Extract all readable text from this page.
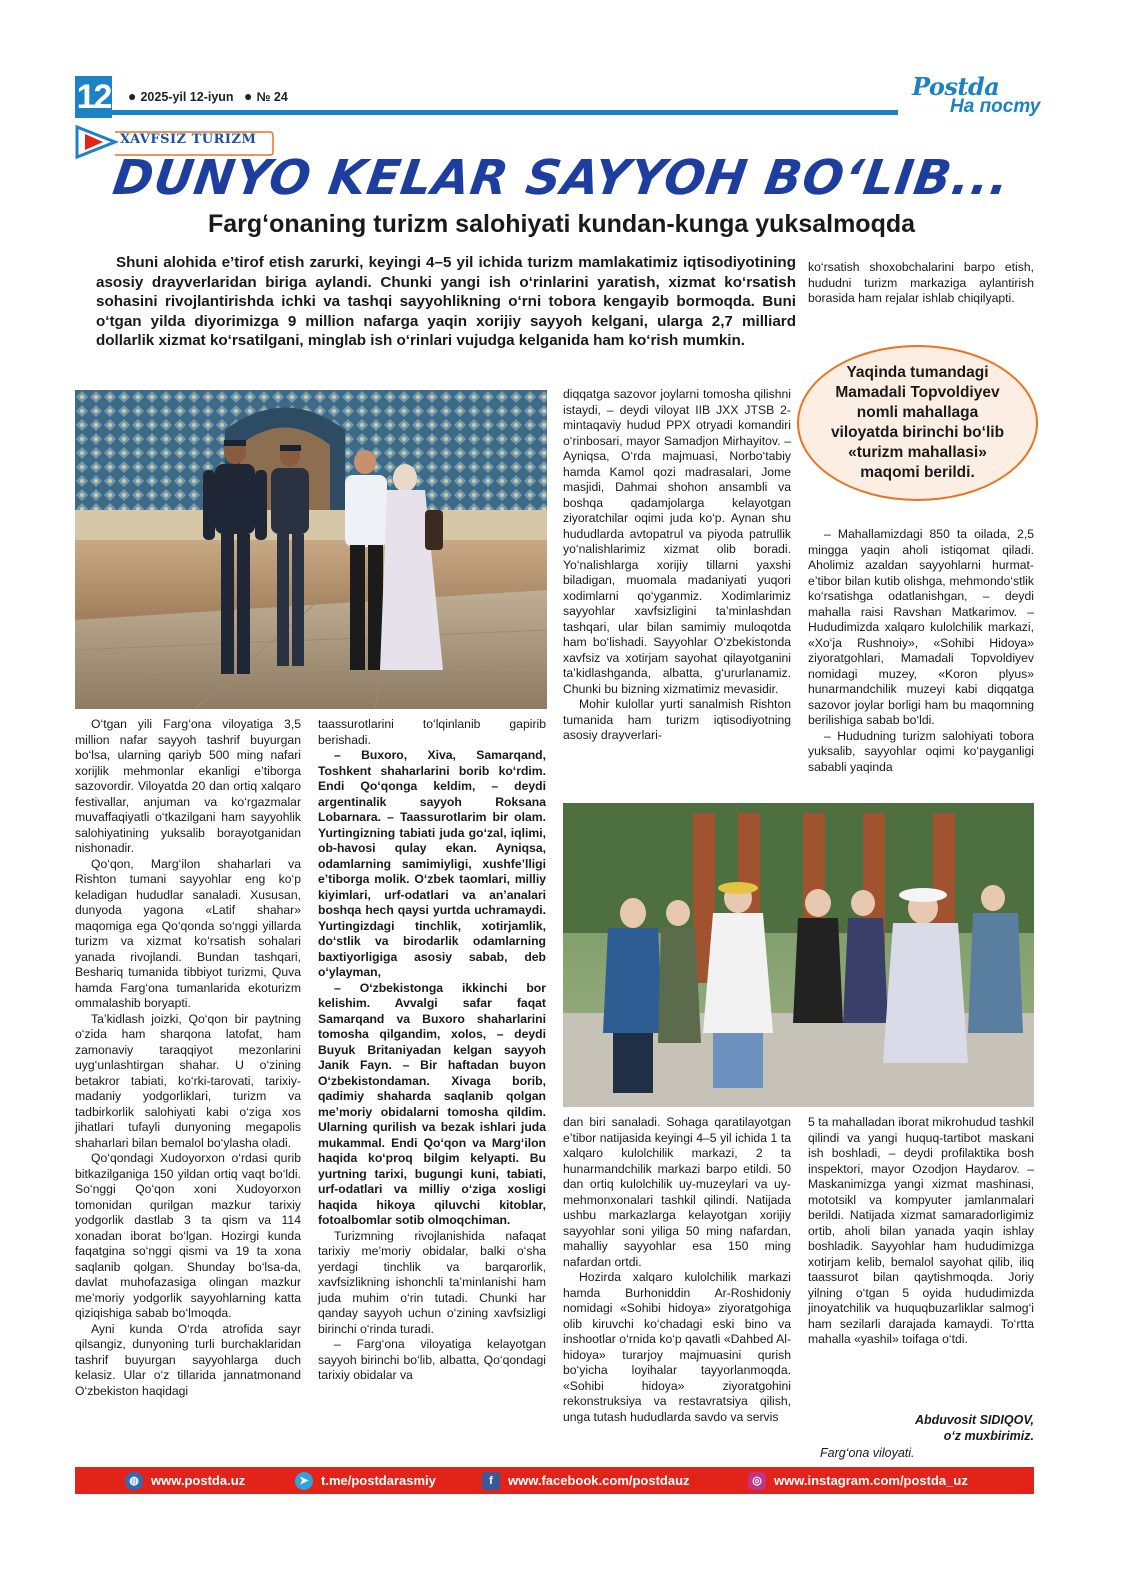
12 ● 2025-yil 12-iyun ● № 24	Postda
На посту
XAVFSIZ TURIZM
DUNYO KELAR SAYYOH BO‘LIB...
Farg‘onaning turizm salohiyati kundan-kunga yuksalmoqda
Shuni alohida e’tirof etish zarurki, keyingi 4–5 yil ichida turizm mamlakatimiz iqtisodiyotining asosiy drayverlaridan biriga aylandi. Chunki yangi ish o‘rinlarini yaratish, xizmat ko‘rsatish sohasini rivojlantirishda ichki va tashqi sayyohlikning o‘rni tobora kengayib bormoqda. Buni o‘tgan yilda diyorimizga 9 million nafarga yaqin xorijiy sayyoh kelgani, ularga 2,7 milliard dollarlik xizmat ko‘rsatilgani, minglab ish o‘rinlari vujudga kelganida ham ko‘rish mumkin.

ko‘rsatish shoxobchalarini barpo etish, hududni turizm markaziga aylantirish borasida ham rejalar ishlab chiqilyapti.

Yaqinda tumandagi Mamadali Topvoldiyev nomli mahallaga viloyatda birinchi bo‘lib «turizm mahallasi» maqomi berildi.

O‘tgan yili Farg‘ona viloyatiga 3,5 million nafar sayyoh tashrif buyurgan bo‘lsa, ularning qariyb 500 ming nafari xorijlik mehmonlar ekanligi e’tiborga sazovordir. Viloyatda 20 dan ortiq xalqaro festivallar, anjuman va ko‘rgazmalar muvaffaqiyatli o‘tkazilgani ham sayyohlik salohiyatining yuksalib borayotganidan nishonadir.

Qo‘qon, Marg‘ilon shaharlari va Rishton tumani sayyohlar eng ko‘p keladigan hududlar sanaladi. Xususan, dunyoda yagona «Latif shahar» maqomiga ega Qo‘qonda so‘nggi yillarda turizm va xizmat ko‘rsatish sohalari yanada rivojlandi. Bundan tashqari, Beshariq tumanida tibbiyot turizmi, Quva hamda Farg‘ona tumanlarida ekoturizm ommalashib boryapti.

Ta’kidlash joizki, Qo‘qon bir paytning o‘zida ham sharqona latofat, ham zamonaviy taraqqiyot mezonlarini uyg‘unlashtirgan shahar. U o‘zining betakror tabiati, ko‘rki-tarovati, tarixiy-madaniy yodgorliklari, turizm va tadbirkorlik salohiyati kabi o‘ziga xos jihatlari tufayli dunyoning megapolis shaharlari bilan bemalol bo‘ylasha oladi.

Qo‘qondagi Xudoyorxon o‘rdasi qurib bitkazilganiga 150 yildan ortiq vaqt bo‘ldi. So‘nggi Qo‘qon xoni Xudoyorxon tomonidan qurilgan mazkur tarixiy yodgorlik dastlab 3 ta qism va 114 xonadan iborat bo‘lgan. Hozirgi kunda faqatgina so‘nggi qismi va 19 ta xona saqlanib qolgan. Shunday bo‘lsa-da, davlat muhofazasiga olingan mazkur me’moriy yodgorlik sayyohlarning katta qiziqishiga sabab bo‘lmoqda.

Ayni kunda O‘rda atrofida sayr qilsangiz, dunyoning turli burchaklaridan tashrif buyurgan sayyohlarga duch kelasiz. Ular o‘z tillarida jannatmonand O‘zbekiston haqidagi

taassurotlarini to‘lqinlanib gapirib berishadi.

– Buxoro, Xiva, Samarqand, Toshkent shaharlarini borib ko‘rdim. Endi Qo‘qonga keldim, – deydi argentinalik sayyoh Roksana Lobarnara. – Taassurotlarim bir olam. Yurtingizning tabiati juda go‘zal, iqlimi, ob-havosi qulay ekan. Ayniqsa, odamlarning samimiyligi, xushfe’lligi e’tiborga molik. O‘zbek taomlari, milliy kiyimlari, urf-odatlari va an’analari boshqa hech qaysi yurtda uchramaydi. Yurtingizdagi tinchlik, xotirjamlik, do‘stlik va birodarlik odamlarning baxtiyorligiga asosiy sabab, deb o‘ylayman,

– O‘zbekistonga ikkinchi bor kelishim. Avvalgi safar faqat Samarqand va Buxoro shaharlarini tomosha qilgandim, xolos, – deydi Buyuk Britaniyadan kelgan sayyoh Janik Fayn. – Bir haftadan buyon O‘zbekistondaman. Xivaga borib, qadimiy shaharda saqlanib qolgan me’moriy obidalarni tomosha qildim. Ularning qurilish va bezak ishlari juda mukammal. Endi Qo‘qon va Marg‘ilon haqida ko‘proq bilgim kelyapti. Bu yurtning tarixi, bugungi kuni, tabiati, urf-odatlari va milliy o‘ziga xosligi haqida hikoya qiluvchi kitoblar, fotoalbomlar sotib olmoqchiman.

Turizmning rivojlanishida nafaqat tarixiy me’moriy obidalar, balki o‘sha yerdagi tinchlik va barqarorlik, xavfsizlikning ishonchli ta’minlanishi ham juda muhim o‘rin tutadi. Chunki har qanday sayyoh uchun o‘zining xavfsizligi birinchi o‘rinda turadi.

– Farg‘ona viloyatiga kelayotgan sayyoh birinchi bo‘lib, albatta, Qo‘qondagi tarixiy obidalar va

diqqatga sazovor joylarni tomosha qilishni istaydi, – deydi viloyat IIB JXX JTSB 2-mintaqaviy hudud PPX otryadi komandiri o‘rinbosari, mayor Samadjon Mirhayitov. – Ayniqsa, O‘rda majmuasi, Norbo‘tabiy hamda Kamol qozi madrasalari, Jome masjidi, Dahmai shohon ansambli va boshqa qadamjolarga kelayotgan ziyoratchilar oqimi juda ko‘p. Aynan shu hududlarda avtopatrul va piyoda patrullik yo‘nalishlarimiz xizmat olib boradi. Yo‘nalishlarga xorijiy tillarni yaxshi biladigan, muomala madaniyati yuqori xodimlarni qo‘yganmiz. Xodimlarimiz sayyohlar xavfsizligini ta’minlashdan tashqari, ular bilan samimiy muloqotda ham bo‘lishadi. Sayyohlar O‘zbekistonda xavfsiz va xotirjam sayohat qilayotganini ta’kidlashganda, albatta, g‘ururlanamiz. Chunki bu bizning xizmatimiz mevasidir.

Mohir kulollar yurti sanalmish Rishton tumanida ham turizm iqtisodiyotning asosiy drayverlari-

– Mahallamizdagi 850 ta oilada, 2,5 mingga yaqin aholi istiqomat qiladi. Aholimiz azaldan sayyohlarni hurmat-e’tibor bilan kutib olishga, mehmondo‘stlik ko‘rsatishga odatlanishgan, – deydi mahalla raisi Ravshan Matkarimov. – Hududimizda xalqaro kulolchilik markazi, «Xo‘ja Rushnoiy», «Sohibi Hidoya» ziyoratgohlari, Mamadali Topvoldiyev nomidagi muzey, «Koron plyus» hunarmandchilik muzeyi kabi diqqatga sazovor joylar borligi ham bu maqomning berilishiga sabab bo‘ldi.

– Hududning turizm salohiyati tobora yuksalib, sayyohlar oqimi ko‘payganligi sababli yaqinda

dan biri sanaladi. Sohaga qaratilayotgan e’tibor natijasida keyingi 4–5 yil ichida 1 ta xalqaro kulolchilik markazi, 2 ta hunarmandchilik markazi barpo etildi. 50 dan ortiq kulolchilik uy-muzeylari va uy-mehmonxonalari tashkil qilindi. Natijada ushbu markazlarga kelayotgan xorijiy sayyohlar soni yiliga 50 ming nafardan, mahalliy sayyohlar esa 150 ming nafardan ortdi.

Hozirda xalqaro kulolchilik markazi hamda Burhoniddin Ar-Roshidoniy nomidagi «Sohibi hidoya» ziyoratgohiga olib kiruvchi ko‘chadagi eski bino va inshootlar o‘rnida ko‘p qavatli «Dahbed Al-hidoya» turarjoy majmuasini qurish bo‘yicha loyihalar tayyorlanmoqda. «Sohibi hidoya» ziyoratgohini rekonstruksiya va restavratsiya qilish, unga tutash hududlarda savdo va servis

5 ta mahalladan iborat mikrohudud tashkil qilindi va yangi huquq-tartibot maskani ish boshladi, – deydi profilaktika bosh inspektori, mayor Ozodjon Haydarov. – Maskanimizga yangi xizmat mashinasi, mototsikl va kompyuter jamlanmalari berildi. Natijada xizmat samaradorligimiz ortib, aholi bilan yanada yaqin ishlay boshladik. Sayyohlar ham hududimizga xotirjam kelib, bemalol sayohat qilib, iliq taassurot bilan qaytishmoqda. Joriy yilning o‘tgan 5 oyida hududimizda jinoyatchilik va huquqbuzarliklar salmog‘i ham sezilarli darajada kamaydi. To‘rtta mahalla «yashil» toifaga o‘tdi.

Abduvosit SIDIQOV,
o‘z muxbirimiz.
Farg‘ona viloyati.
◍ www.postda.uz	➤ t.me/postdarasmiy	f	www.facebook.com/postdauz	◎ www.instagram.com/postda_uz
